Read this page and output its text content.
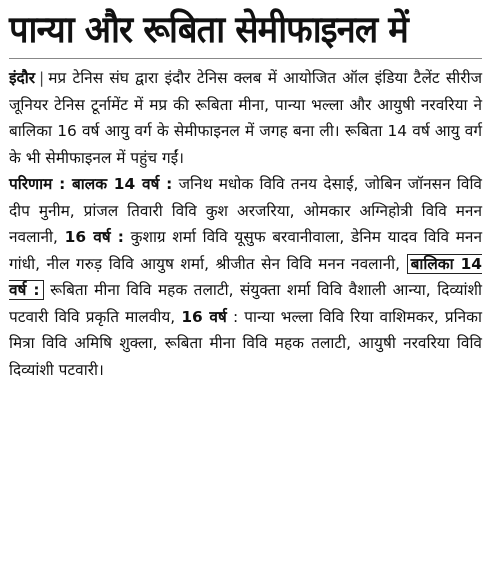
पान्या और रूबिता सेमीफाइनल में

इंदौर | मप्र टेनिस संघ द्वारा इंदौर टेनिस क्लब में आयोजित ऑल इंडिया टैलेंट सीरीज जूनियर टेनिस टूर्नामेंट में मप्र की रूबिता मीना, पान्या भल्ला और आयुषी नरवरिया ने बालिका 16 वर्ष आयु वर्ग के सेमीफाइनल में जगह बना ली। रूबिता 14 वर्ष आयु वर्ग के भी सेमीफाइनल में पहुंच गईं।

परिणाम : बालक 14 वर्ष : जनिथ मधोक विवि तनय देसाई, जोबिन जॉनसन विवि दीप मुनीम, प्रांजल तिवारी विवि कुश अरजरिया, ओमकार अग्निहोत्री विवि मनन नवलानी, 16 वर्ष : कुशाग्र शर्मा विवि यूसुफ बरवानीवाला, डेनिम यादव विवि मनन गांधी, नील गरुड़ विवि आयुष शर्मा, श्रीजीत सेन विवि मनन नवलानी, बालिका 14 वर्ष : रूबिता मीना विवि महक तलाटी, संयुक्ता शर्मा विवि वैशाली आन्या, दिव्यांशी पटवारी विवि प्रकृति मालवीय, 16 वर्ष : पान्या भल्ला विवि रिया वाशिमकर, प्रनिका मित्रा विवि अमिषि शुक्ला, रूबिता मीना विवि महक तलाटी, आयुषी नरवरिया विवि दिव्यांशी पटवारी।
